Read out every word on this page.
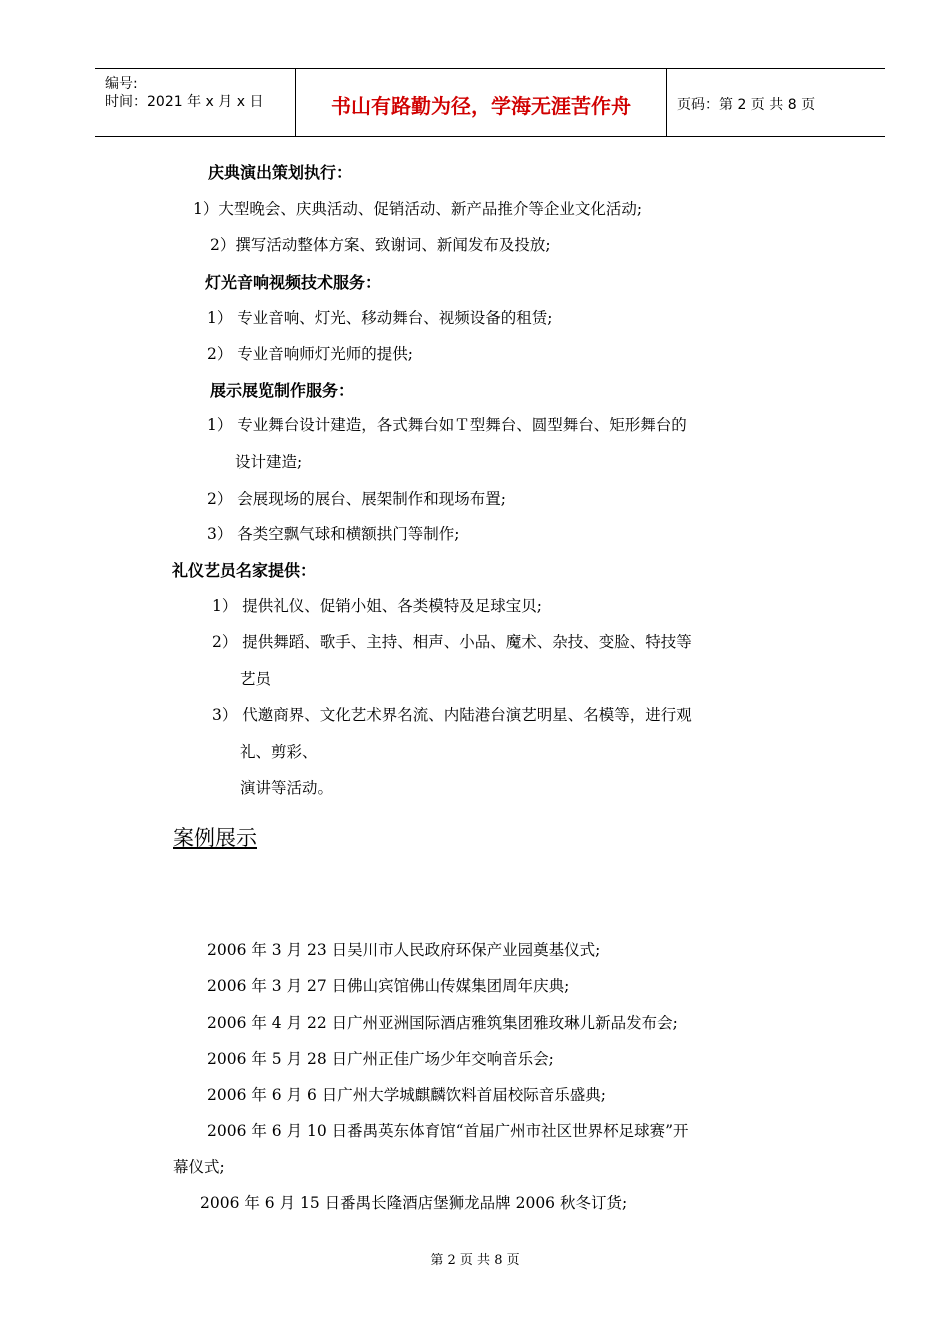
编号:
时间：2021 年 x 月 x 日	书山有路勤为径，学海无涯苦作舟	页码：第 2 页 共 8 页
庆典演出策划执行：
1）大型晚会、庆典活动、促销活动、新产品推介等企业文化活动;
2）撰写活动整体方案、致谢词、新闻发布及投放;
灯光音响视频技术服务：
1） 专业音响、灯光、移动舞台、视频设备的租赁;
2） 专业音响师灯光师的提供;
展示展览制作服务：
1） 专业舞台设计建造，各式舞台如Ｔ型舞台、圆型舞台、矩形舞台的
设计建造;
2） 会展现场的展台、展架制作和现场布置;
3） 各类空飘气球和横额拱门等制作;
礼仪艺员名家提供：
1） 提供礼仪、促销小姐、各类模特及足球宝贝;
2） 提供舞蹈、歌手、主持、相声、小品、魔术、杂技、变脸、特技等
艺员
3） 代邀商界、文化艺术界名流、内陆港台演艺明星、名模等，进行观
礼、剪彩、
演讲等活动。
案例展示
2006 年 3 月 23 日吴川市人民政府环保产业园奠基仪式;
2006 年 3 月 27 日佛山宾馆佛山传媒集团周年庆典;
2006 年 4 月 22 日广州亚洲国际酒店雅筑集团雅玫琳儿新品发布会;
2006 年 5 月 28 日广州正佳广场少年交响音乐会;
2006 年 6 月 6 日广州大学城麒麟饮料首届校际音乐盛典;
2006 年 6 月 10 日番禺英东体育馆“首届广州市社区世界杯足球赛”开
幕仪式;
2006 年 6 月 15 日番禺长隆酒店堡狮龙品牌 2006 秋冬订货;
第 2 页 共 8 页
